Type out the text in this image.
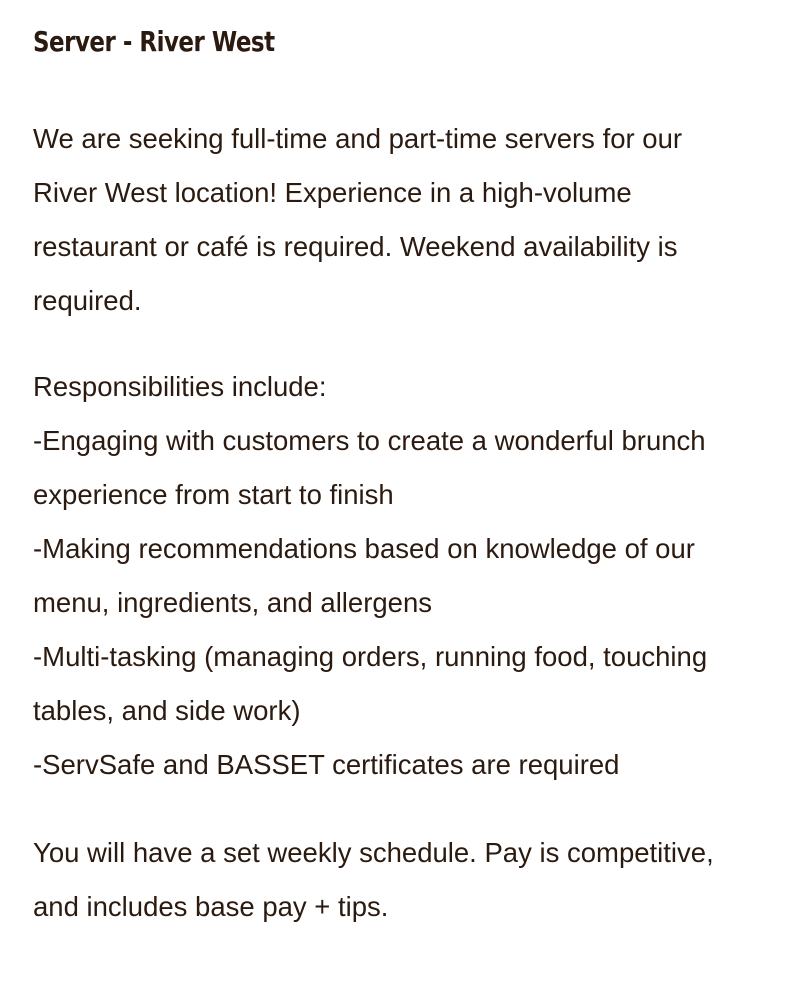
Server - River West

We are seeking full-time and part-time servers for our
River West location! Experience in a high-volume
restaurant or café is required. Weekend availability is
required.

Responsibilities include:
-Engaging with customers to create a wonderful brunch
experience from start to finish
-Making recommendations based on knowledge of our
menu, ingredients, and allergens
-Multi-tasking (managing orders, running food, touching
tables, and side work)
-ServSafe and BASSET certificates are required

You will have a set weekly schedule. Pay is competitive,
and includes base pay + tips.
